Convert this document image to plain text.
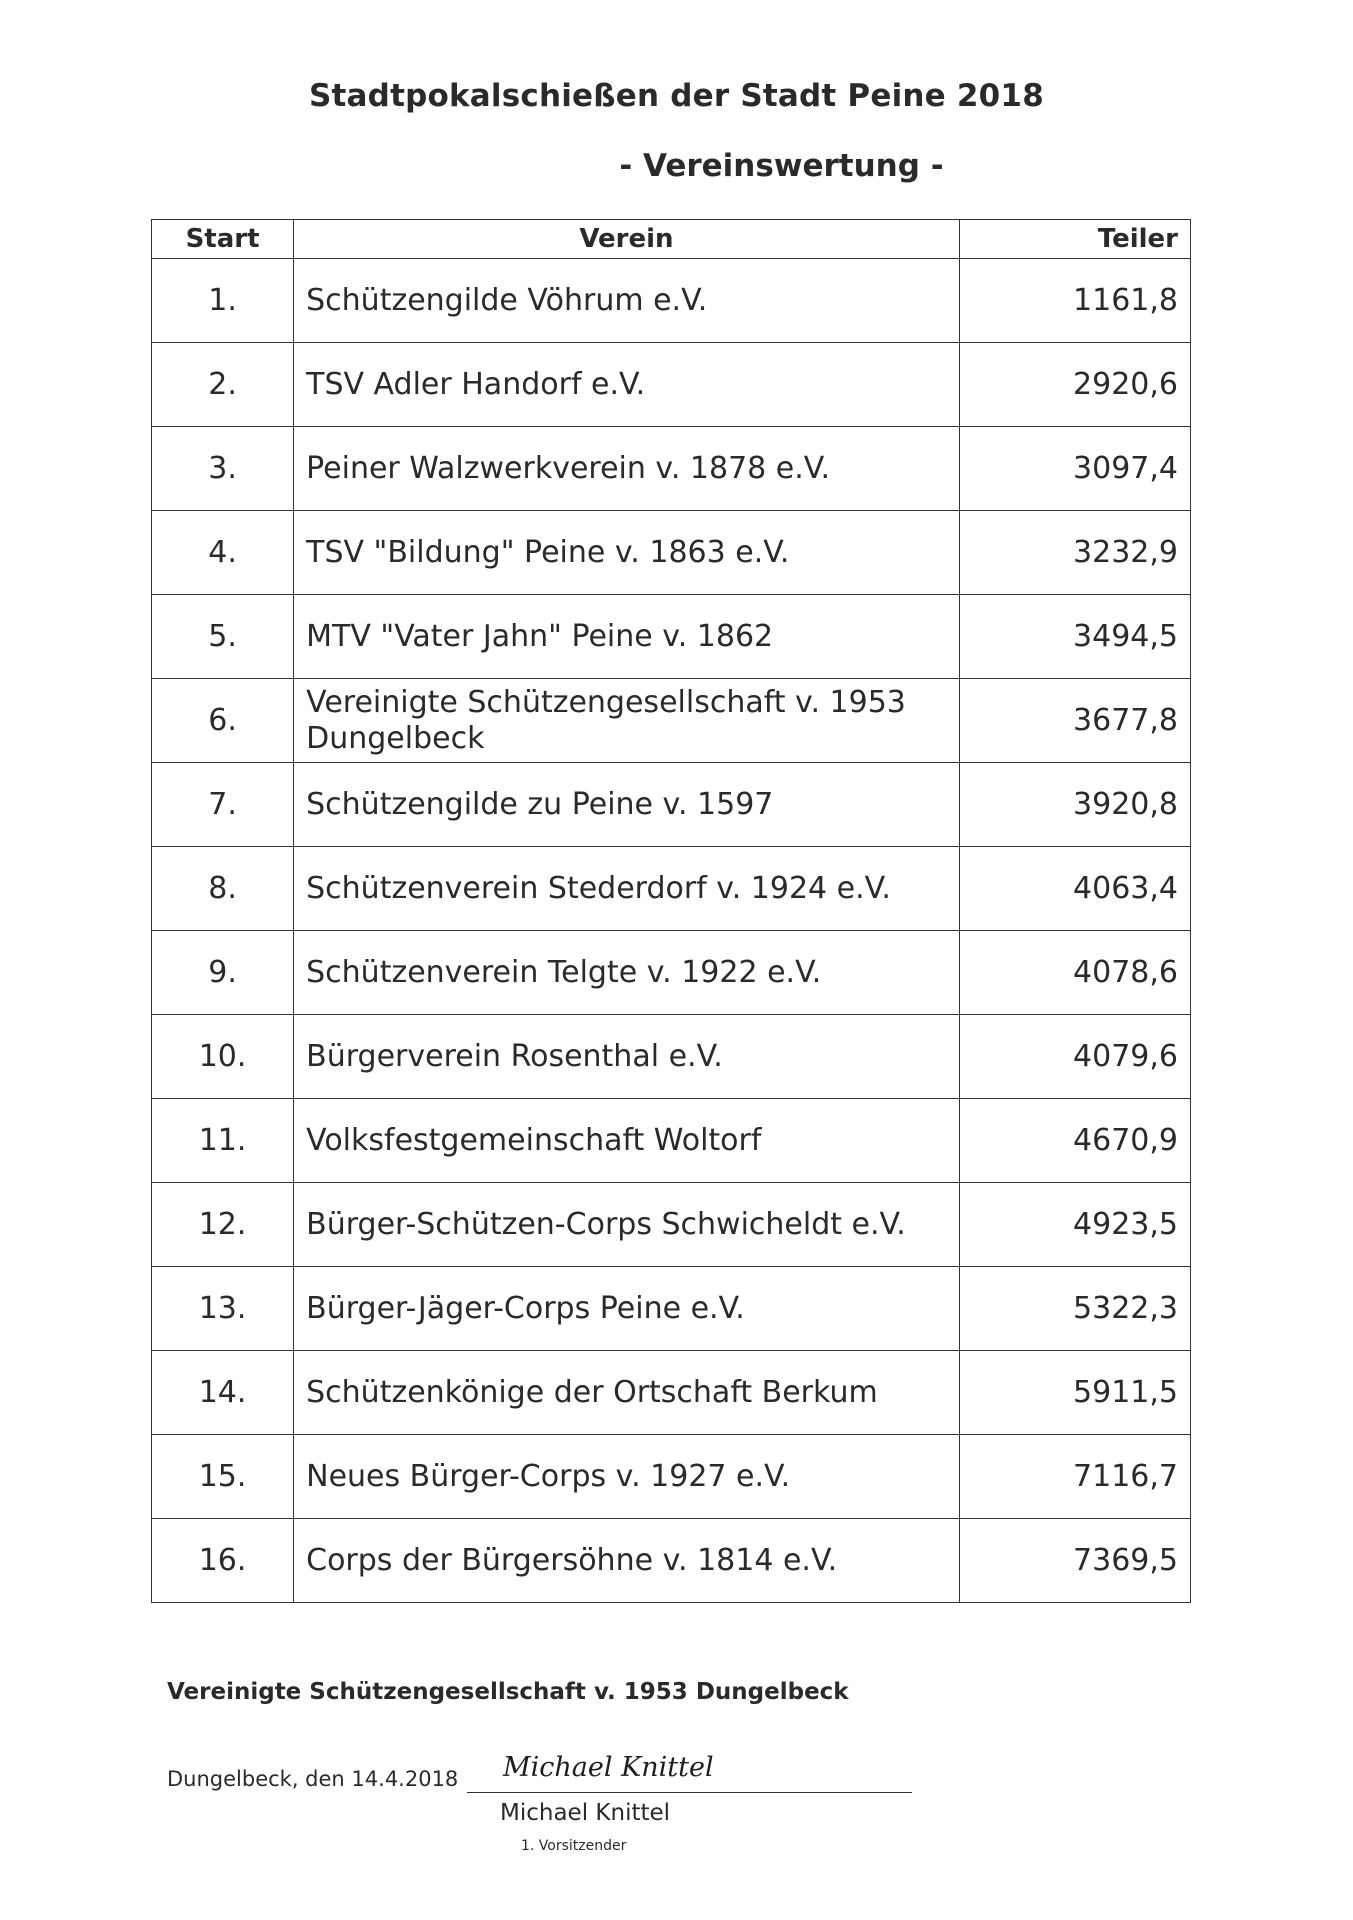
Stadtpokalschießen der Stadt Peine 2018
- Vereinswertung -
Start	Verein	Teiler
1.	Schützengilde Vöhrum e.V.	1161,8
2.	TSV Adler Handorf e.V.	2920,6
3.	Peiner Walzwerkverein v. 1878 e.V.	3097,4
4.	TSV "Bildung" Peine v. 1863 e.V.	3232,9
5.	MTV "Vater Jahn" Peine v. 1862	3494,5
6.	Vereinigte Schützengesellschaft v. 1953 Dungelbeck	3677,8
7.	Schützengilde zu Peine v. 1597	3920,8
8.	Schützenverein Stederdorf v. 1924 e.V.	4063,4
9.	Schützenverein Telgte v. 1922 e.V.	4078,6
10.	Bürgerverein Rosenthal e.V.	4079,6
11.	Volksfestgemeinschaft Woltorf	4670,9
12.	Bürger-Schützen-Corps Schwicheldt e.V.	4923,5
13.	Bürger-Jäger-Corps Peine e.V.	5322,3
14.	Schützenkönige der Ortschaft Berkum	5911,5
15.	Neues Bürger-Corps v. 1927 e.V.	7116,7
16.	Corps der Bürgersöhne v. 1814 e.V.	7369,5
Vereinigte Schützengesellschaft v. 1953 Dungelbeck
Dungelbeck, den 14.4.2018 Michael Knittel
Michael Knittel
1. Vorsitzender
